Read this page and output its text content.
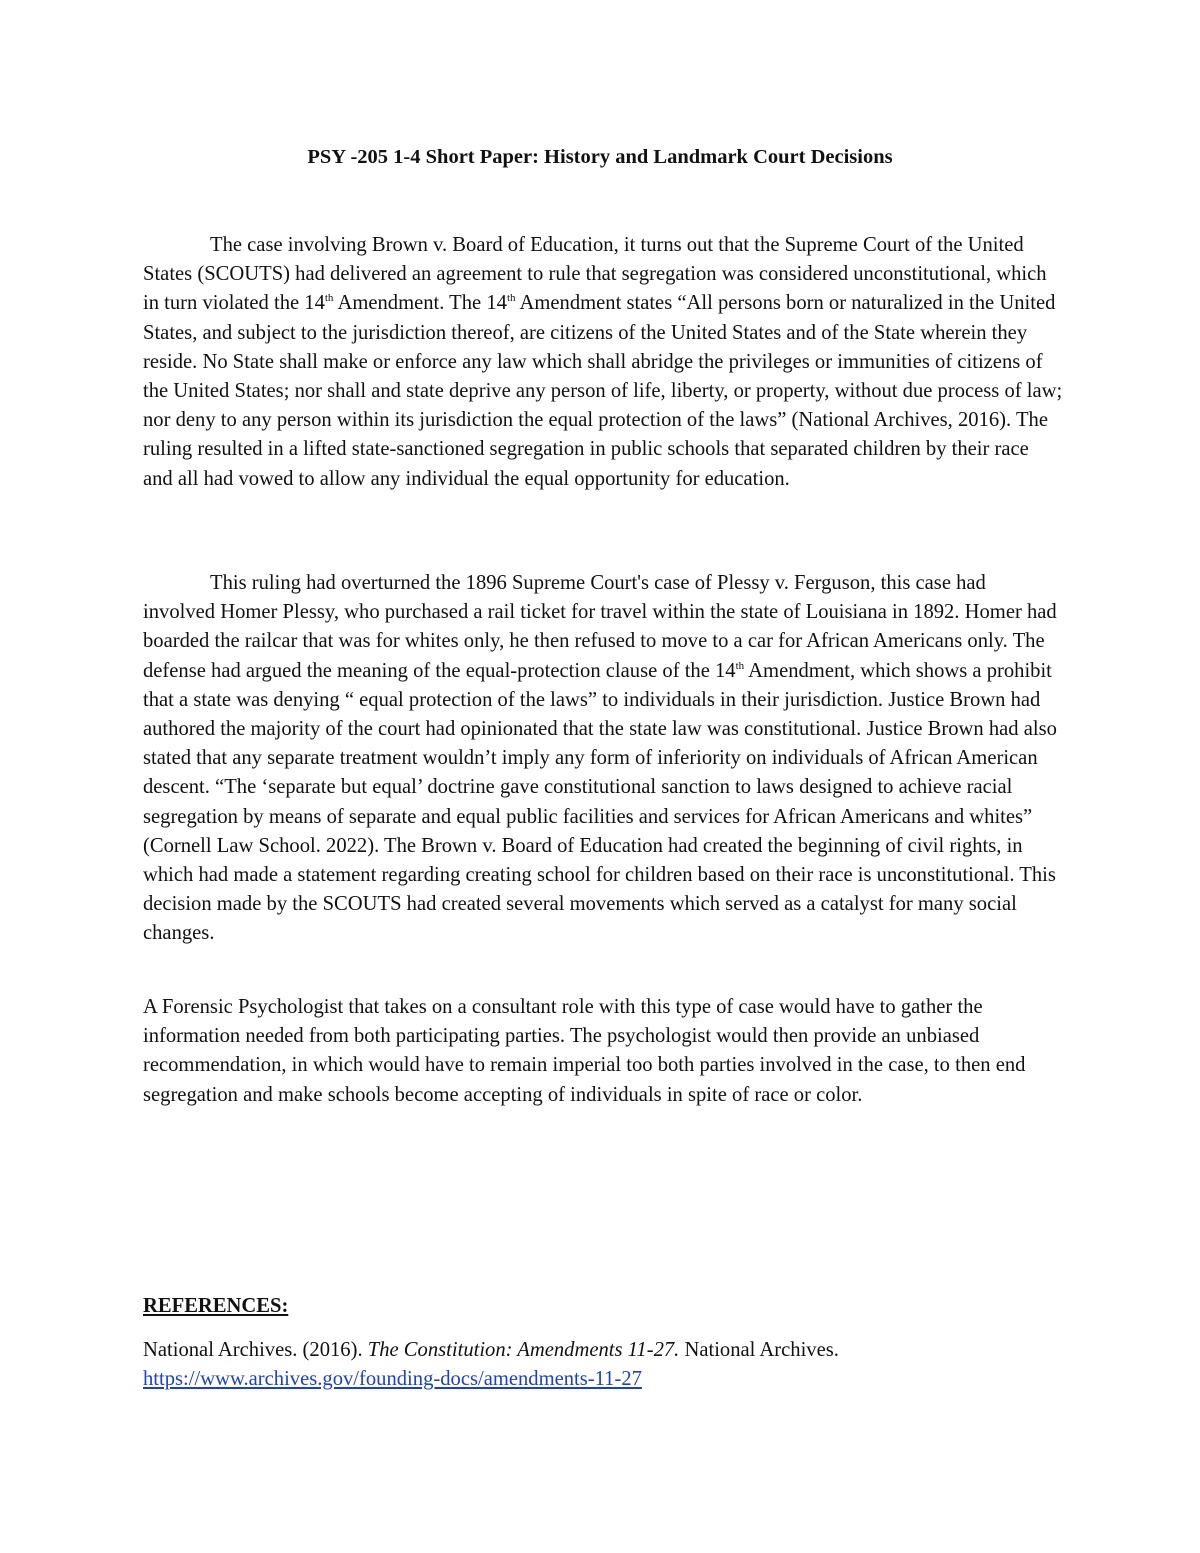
PSY -205 1-4 Short Paper: History and Landmark Court Decisions

The case involving Brown v. Board of Education, it turns out that the Supreme Court of the United States (SCOUTS) had delivered an agreement to rule that segregation was considered unconstitutional, which in turn violated the 14th Amendment. The 14th Amendment states “All persons born or naturalized in the United States, and subject to the jurisdiction thereof, are citizens of the United States and of the State wherein they reside. No State shall make or enforce any law which shall abridge the privileges or immunities of citizens of the United States; nor shall and state deprive any person of life, liberty, or property, without due process of law; nor deny to any person within its jurisdiction the equal protection of the laws” (National Archives, 2016). The ruling resulted in a lifted state-sanctioned segregation in public schools that separated children by their race and all had vowed to allow any individual the equal opportunity for education.

This ruling had overturned the 1896 Supreme Court's case of Plessy v. Ferguson, this case had involved Homer Plessy, who purchased a rail ticket for travel within the state of Louisiana in 1892. Homer had boarded the railcar that was for whites only, he then refused to move to a car for African Americans only. The defense had argued the meaning of the equal-protection clause of the 14th Amendment, which shows a prohibit that a state was denying “ equal protection of the laws” to individuals in their jurisdiction. Justice Brown had authored the majority of the court had opinionated that the state law was constitutional. Justice Brown had also stated that any separate treatment wouldn’t imply any form of inferiority on individuals of African American descent. “The ‘separate but equal’ doctrine gave constitutional sanction to laws designed to achieve racial segregation by means of separate and equal public facilities and services for African Americans and whites” (Cornell Law School. 2022). The Brown v. Board of Education had created the beginning of civil rights, in which had made a statement regarding creating school for children based on their race is unconstitutional. This decision made by the SCOUTS had created several movements which served as a catalyst for many social changes.

A Forensic Psychologist that takes on a consultant role with this type of case would have to gather the information needed from both participating parties. The psychologist would then provide an unbiased recommendation, in which would have to remain imperial too both parties involved in the case, to then end segregation and make schools become accepting of individuals in spite of race or color.

REFERENCES:

National Archives. (2016). The Constitution: Amendments 11-27. National Archives.
https://www.archives.gov/founding-docs/amendments-11-27
